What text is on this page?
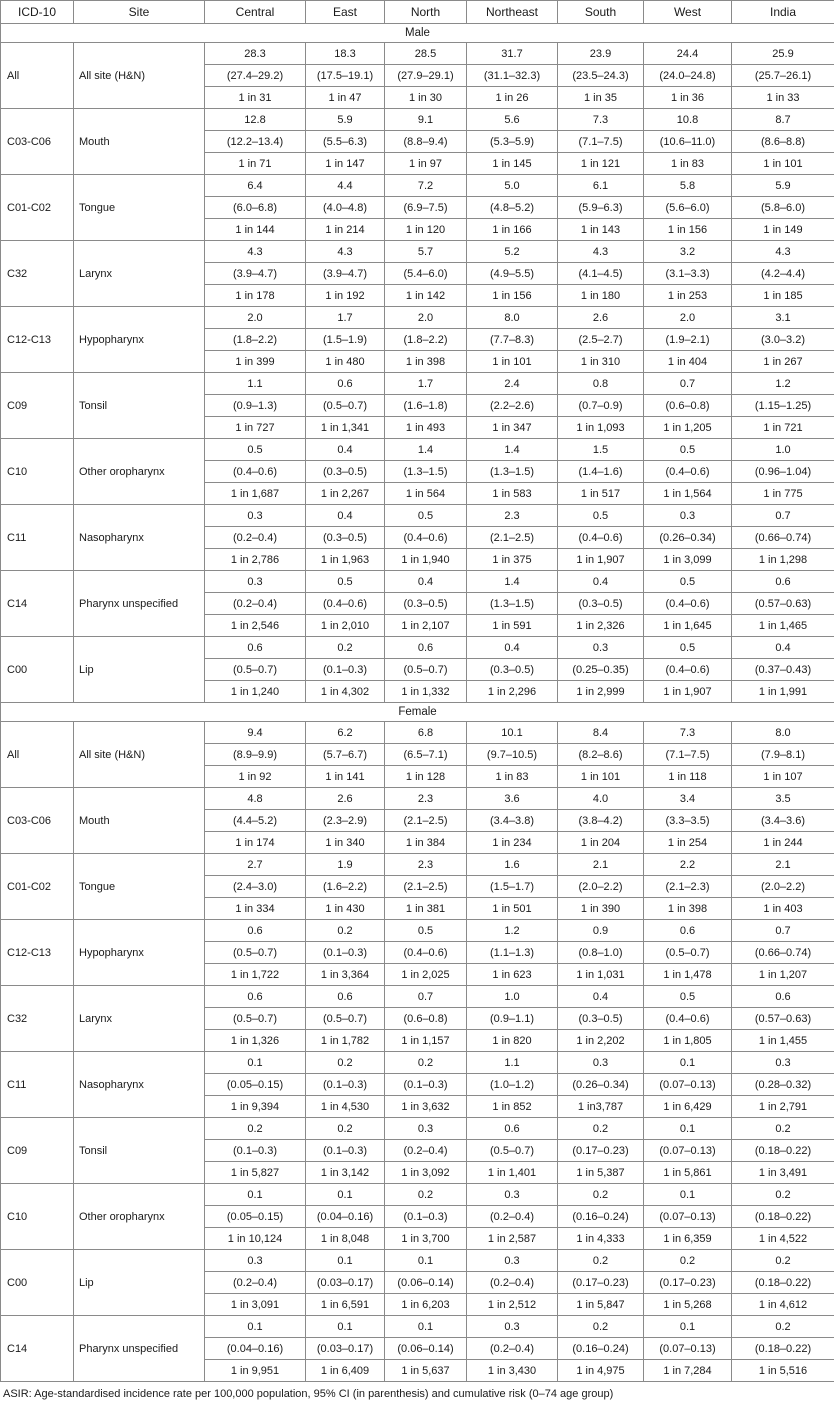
ICD-10	Site	Central	East	North	Northeast	South	West	India
Male								
All	All site (H&N)	28.3	18.3	28.5	31.7	23.9	24.4	25.9
		(27.4–29.2)	(17.5–19.1)	(27.9–29.1)	(31.1–32.3)	(23.5–24.3)	(24.0–24.8)	(25.7–26.1)
		1 in 31	1 in 47	1 in 30	1 in 26	1 in 35	1 in 36	1 in 33
C03-C06	Mouth	12.8	5.9	9.1	5.6	7.3	10.8	8.7
		(12.2–13.4)	(5.5–6.3)	(8.8–9.4)	(5.3–5.9)	(7.1–7.5)	(10.6–11.0)	(8.6–8.8)
		1 in 71	1 in 147	1 in 97	1 in 145	1 in 121	1 in 83	1 in 101
C01-C02	Tongue	6.4	4.4	7.2	5.0	6.1	5.8	5.9
		(6.0–6.8)	(4.0–4.8)	(6.9–7.5)	(4.8–5.2)	(5.9–6.3)	(5.6–6.0)	(5.8–6.0)
		1 in 144	1 in 214	1 in 120	1 in 166	1 in 143	1 in 156	1 in 149
C32	Larynx	4.3	4.3	5.7	5.2	4.3	3.2	4.3
		(3.9–4.7)	(3.9–4.7)	(5.4–6.0)	(4.9–5.5)	(4.1–4.5)	(3.1–3.3)	(4.2–4.4)
		1 in 178	1 in 192	1 in 142	1 in 156	1 in 180	1 in 253	1 in 185
C12-C13	Hypopharynx	2.0	1.7	2.0	8.0	2.6	2.0	3.1
		(1.8–2.2)	(1.5–1.9)	(1.8–2.2)	(7.7–8.3)	(2.5–2.7)	(1.9–2.1)	(3.0–3.2)
		1 in 399	1 in 480	1 in 398	1 in 101	1 in 310	1 in 404	1 in 267
C09	Tonsil	1.1	0.6	1.7	2.4	0.8	0.7	1.2
		(0.9–1.3)	(0.5–0.7)	(1.6–1.8)	(2.2–2.6)	(0.7–0.9)	(0.6–0.8)	(1.15–1.25)
		1 in 727	1 in 1,341	1 in 493	1 in 347	1 in 1,093	1 in 1,205	1 in 721
C10	Other oropharynx	0.5	0.4	1.4	1.4	1.5	0.5	1.0
		(0.4–0.6)	(0.3–0.5)	(1.3–1.5)	(1.3–1.5)	(1.4–1.6)	(0.4–0.6)	(0.96–1.04)
		1 in 1,687	1 in 2,267	1 in 564	1 in 583	1 in 517	1 in 1,564	1 in 775
C11	Nasopharynx	0.3	0.4	0.5	2.3	0.5	0.3	0.7
		(0.2–0.4)	(0.3–0.5)	(0.4–0.6)	(2.1–2.5)	(0.4–0.6)	(0.26–0.34)	(0.66–0.74)
		1 in 2,786	1 in 1,963	1 in 1,940	1 in 375	1 in 1,907	1 in 3,099	1 in 1,298
C14	Pharynx unspecified	0.3	0.5	0.4	1.4	0.4	0.5	0.6
		(0.2–0.4)	(0.4–0.6)	(0.3–0.5)	(1.3–1.5)	(0.3–0.5)	(0.4–0.6)	(0.57–0.63)
		1 in 2,546	1 in 2,010	1 in 2,107	1 in 591	1 in 2,326	1 in 1,645	1 in 1,465
C00	Lip	0.6	0.2	0.6	0.4	0.3	0.5	0.4
		(0.5–0.7)	(0.1–0.3)	(0.5–0.7)	(0.3–0.5)	(0.25–0.35)	(0.4–0.6)	(0.37–0.43)
		1 in 1,240	1 in 4,302	1 in 1,332	1 in 2,296	1 in 2,999	1 in 1,907	1 in 1,991
Female								
All	All site (H&N)	9.4	6.2	6.8	10.1	8.4	7.3	8.0
		(8.9–9.9)	(5.7–6.7)	(6.5–7.1)	(9.7–10.5)	(8.2–8.6)	(7.1–7.5)	(7.9–8.1)
		1 in 92	1 in 141	1 in 128	1 in 83	1 in 101	1 in 118	1 in 107
C03-C06	Mouth	4.8	2.6	2.3	3.6	4.0	3.4	3.5
		(4.4–5.2)	(2.3–2.9)	(2.1–2.5)	(3.4–3.8)	(3.8–4.2)	(3.3–3.5)	(3.4–3.6)
		1 in 174	1 in 340	1 in 384	1 in 234	1 in 204	1 in 254	1 in 244
C01-C02	Tongue	2.7	1.9	2.3	1.6	2.1	2.2	2.1
		(2.4–3.0)	(1.6–2.2)	(2.1–2.5)	(1.5–1.7)	(2.0–2.2)	(2.1–2.3)	(2.0–2.2)
		1 in 334	1 in 430	1 in 381	1 in 501	1 in 390	1 in 398	1 in 403
C12-C13	Hypopharynx	0.6	0.2	0.5	1.2	0.9	0.6	0.7
		(0.5–0.7)	(0.1–0.3)	(0.4–0.6)	(1.1–1.3)	(0.8–1.0)	(0.5–0.7)	(0.66–0.74)
		1 in 1,722	1 in 3,364	1 in 2,025	1 in 623	1 in 1,031	1 in 1,478	1 in 1,207
C32	Larynx	0.6	0.6	0.7	1.0	0.4	0.5	0.6
		(0.5–0.7)	(0.5–0.7)	(0.6–0.8)	(0.9–1.1)	(0.3–0.5)	(0.4–0.6)	(0.57–0.63)
		1 in 1,326	1 in 1,782	1 in 1,157	1 in 820	1 in 2,202	1 in 1,805	1 in 1,455
C11	Nasopharynx	0.1	0.2	0.2	1.1	0.3	0.1	0.3
		(0.05–0.15)	(0.1–0.3)	(0.1–0.3)	(1.0–1.2)	(0.26–0.34)	(0.07–0.13)	(0.28–0.32)
		1 in 9,394	1 in 4,530	1 in 3,632	1 in 852	1 in3,787	1 in 6,429	1 in 2,791
C09	Tonsil	0.2	0.2	0.3	0.6	0.2	0.1	0.2
		(0.1–0.3)	(0.1–0.3)	(0.2–0.4)	(0.5–0.7)	(0.17–0.23)	(0.07–0.13)	(0.18–0.22)
		1 in 5,827	1 in 3,142	1 in 3,092	1 in 1,401	1 in 5,387	1 in 5,861	1 in 3,491
C10	Other oropharynx	0.1	0.1	0.2	0.3	0.2	0.1	0.2
		(0.05–0.15)	(0.04–0.16)	(0.1–0.3)	(0.2–0.4)	(0.16–0.24)	(0.07–0.13)	(0.18–0.22)
		1 in 10,124	1 in 8,048	1 in 3,700	1 in 2,587	1 in 4,333	1 in 6,359	1 in 4,522
C00	Lip	0.3	0.1	0.1	0.3	0.2	0.2	0.2
		(0.2–0.4)	(0.03–0.17)	(0.06–0.14)	(0.2–0.4)	(0.17–0.23)	(0.17–0.23)	(0.18–0.22)
		1 in 3,091	1 in 6,591	1 in 6,203	1 in 2,512	1 in 5,847	1 in 5,268	1 in 4,612
C14	Pharynx unspecified	0.1	0.1	0.1	0.3	0.2	0.1	0.2
		(0.04–0.16)	(0.03–0.17)	(0.06–0.14)	(0.2–0.4)	(0.16–0.24)	(0.07–0.13)	(0.18–0.22)
		1 in 9,951	1 in 6,409	1 in 5,637	1 in 3,430	1 in 4,975	1 in 7,284	1 in 5,516
ASIR: Age-standardised incidence rate per 100,000 population, 95% CI (in parenthesis) and cumulative risk (0–74 age group)
